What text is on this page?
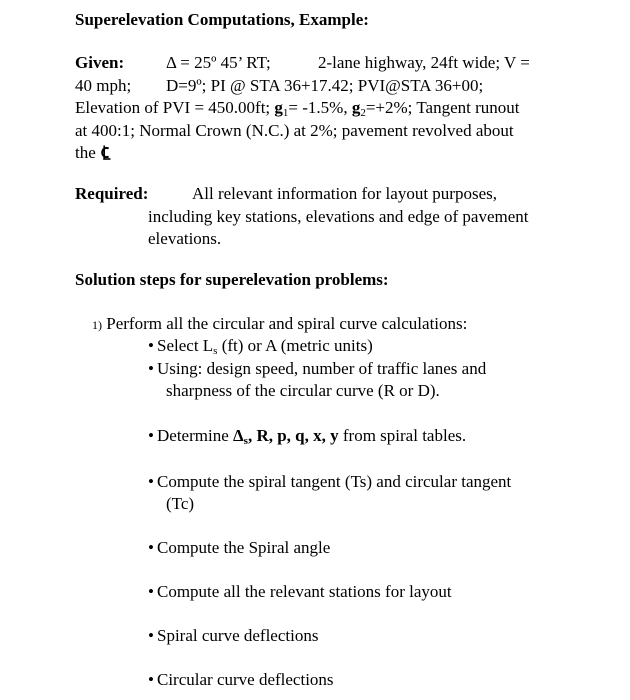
Superelevation Computations, Example:
Given: Δ = 25º 45’ RT;	2-lane highway, 24ft wide; V =
40 mph; D=9º; PI @ STA 36+17.42; PVI@STA 36+00;
Elevation of PVI = 450.00ft; $g_1= -1.5\%$, $g_2=+2\%$; Tangent runout
at 400:1; Normal Crown (N.C.) at 2%; pavement revolved about
the
Required:	All relevant information for layout purposes,
including key stations, elevations and edge of pavement
elevations.
Solution steps for superelevation problems:
1) Perform all the circular and spiral curve calculations:
• Select $L_s$ (ft) or A (metric units)
• Using: design speed, number of traffic lanes and
sharpness of the circular curve (R or D).
• Determine $\Delta_s$, R, p, q, x, y from spiral tables.
• Compute the spiral tangent (Ts) and circular tangent
(Tc)
• Compute the Spiral angle
• Compute all the relevant stations for layout
• Spiral curve deflections
• Circular curve deflections
